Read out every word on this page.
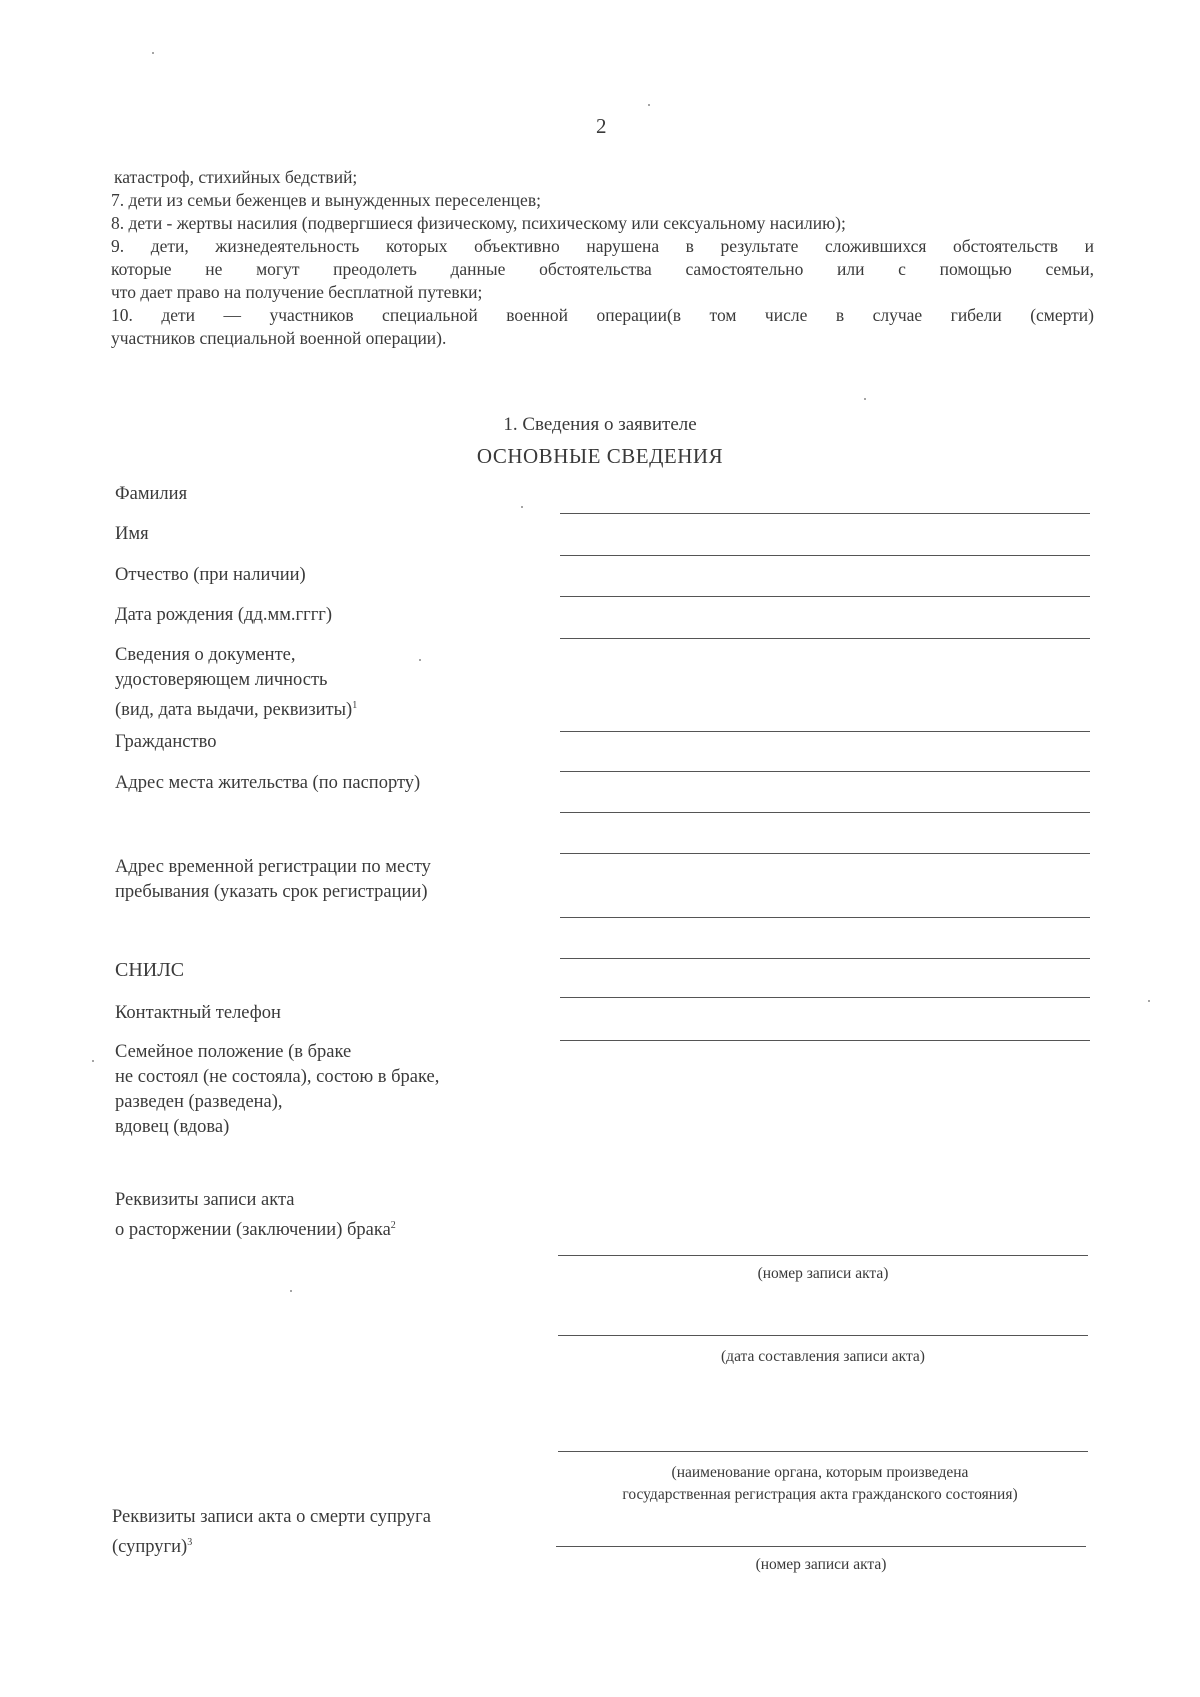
2

катастроф, стихийных бедствий;

7. дети из семьи беженцев и вынужденных переселенцев;

8. дети - жертвы насилия (подвергшиеся физическому, психическому или сексуальному насилию);

9. дети, жизнедеятельность которых объективно нарушена в результате сложившихся обстоятельств и

которые не могут преодолеть данные обстоятельства самостоятельно или с помощью семьи,

что дает право на получение бесплатной путевки;

10. дети — участников специальной военной операции(в том числе в случае гибели (смерти)

участников специальной военной операции).

1. Сведения о заявителе
ОСНОВНЫЕ СВЕДЕНИЯ
Фамилия
Имя
Отчество (при наличии)
Дата рождения (дд.мм.гггг)
Сведения о документе,
удостоверяющем личность
(вид, дата выдачи, реквизиты)$^1$
Гражданство
Адрес места жительства (по паспорту)
Адрес временной регистрации по месту
пребывания (указать срок регистрации)
СНИЛС
Контактный телефон
Семейное положение (в браке
не состоял (не состояла), состою в браке,
разведен (разведена),
вдовец (вдова)
Реквизиты записи акта
о расторжении (заключении) брака$^2$
Реквизиты записи акта о смерти супруга
(супруги)$^3$
(номер записи акта)
(дата составления записи акта)
(наименование органа, которым произведена
государственная регистрация акта гражданского состояния)
(номер записи акта)
